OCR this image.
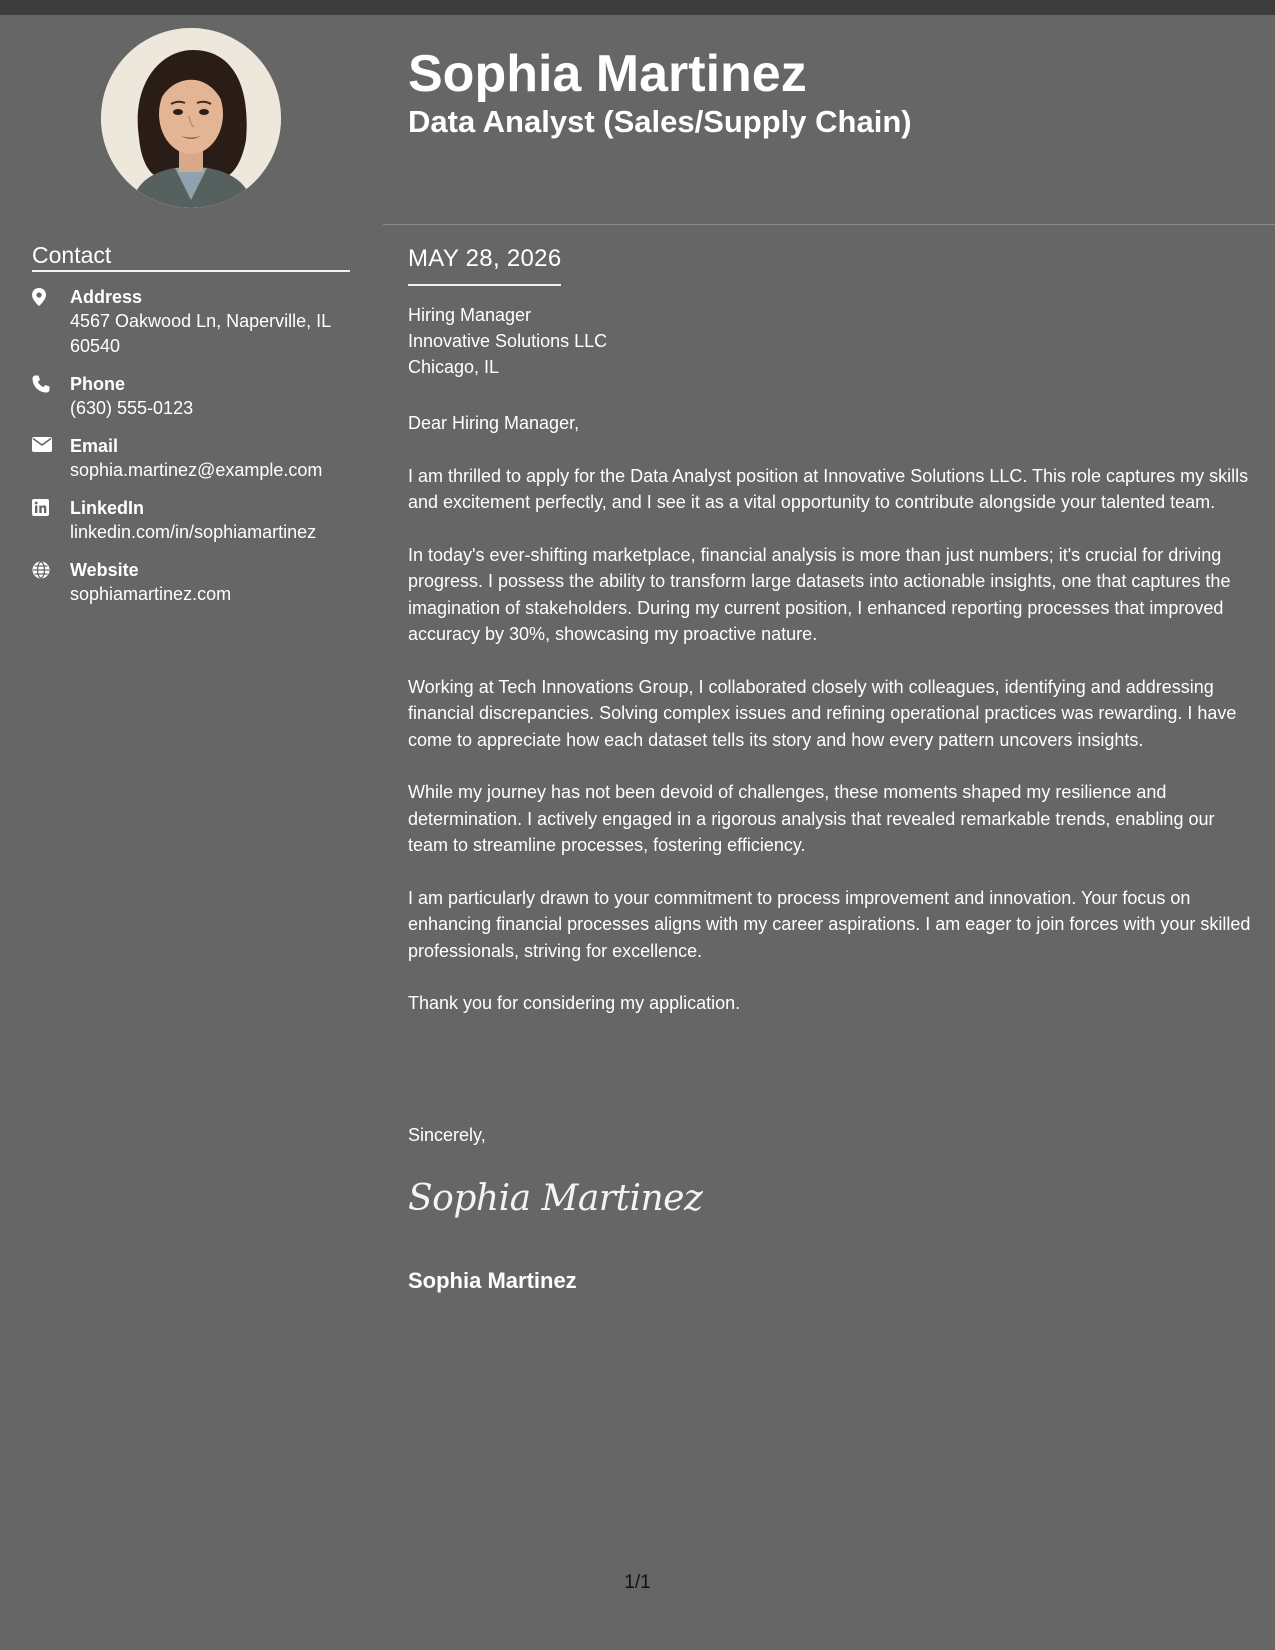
Contact
Address
4567 Oakwood Ln, Naperville, IL 60540
Phone
(630) 555-0123
Email
sophia.martinez@example.com
LinkedIn
linkedin.com/in/sophiamartinez
Website
sophiamartinez.com
Sophia Martinez
Data Analyst (Sales/Supply Chain)
MAY 28, 2026
Hiring Manager
Innovative Solutions LLC
Chicago, IL

Dear Hiring Manager,

I am thrilled to apply for the Data Analyst position at Innovative Solutions LLC. This role captures my skills and excitement perfectly, and I see it as a vital opportunity to contribute alongside your talented team.

In today's ever-shifting marketplace, financial analysis is more than just numbers; it's crucial for driving progress. I possess the ability to transform large datasets into actionable insights, one that captures the imagination of stakeholders. During my current position, I enhanced reporting processes that improved accuracy by 30%, showcasing my proactive nature.

Working at Tech Innovations Group, I collaborated closely with colleagues, identifying and addressing financial discrepancies. Solving complex issues and refining operational practices was rewarding. I have come to appreciate how each dataset tells its story and how every pattern uncovers insights.

While my journey has not been devoid of challenges, these moments shaped my resilience and determination. I actively engaged in a rigorous analysis that revealed remarkable trends, enabling our team to streamline processes, fostering efficiency.

I am particularly drawn to your commitment to process improvement and innovation. Your focus on enhancing financial processes aligns with my career aspirations. I am eager to join forces with your skilled professionals, striving for excellence.

Thank you for considering my application.

Sincerely,
Sophia Martinez
Sophia Martinez
1/1
